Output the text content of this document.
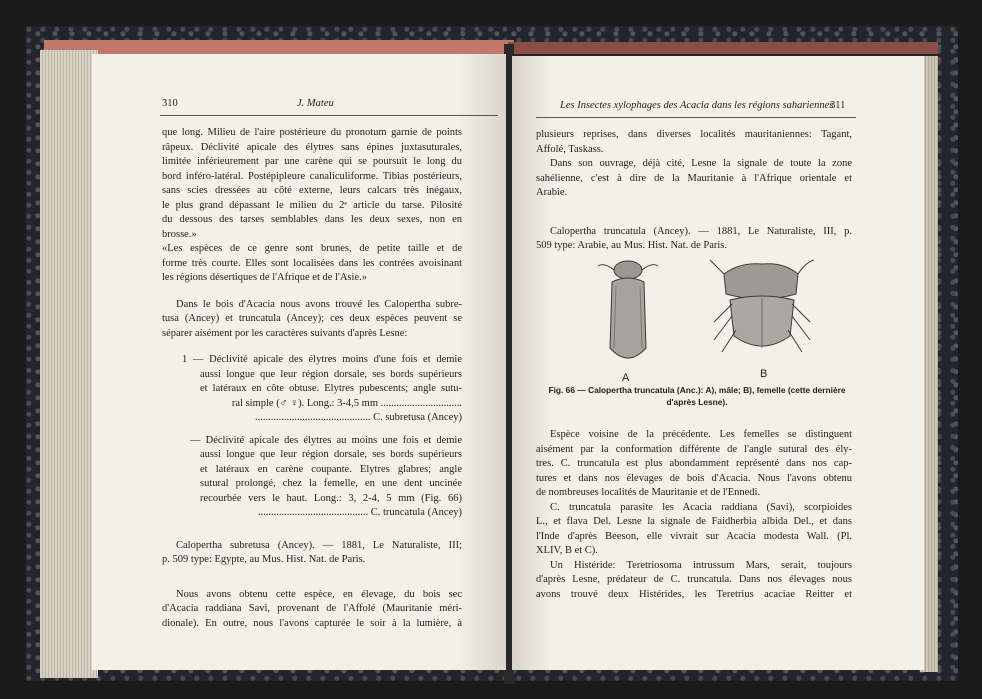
310	J. Mateu
que long. Milieu de l'aire postérieure du pronotum garnie de points
râpeux. Déclivité apicale des élytres sans épines juxtasuturales,
limitée inférieurement par une carène qui se poursuit le long du
bord inféro-latéral. Postépipleure canaliculiforme. Tibias postérieurs,
sans scies dressées au côté externe, leurs calcars très inégaux,
le plus grand dépassant le milieu du 2ᵉ article du tarse. Pilosité
du dessous des tarses semblables dans les deux sexes, non en
brosse.»
«Les espèces de ce genre sont brunes, de petite taille et de
forme très courte. Elles sont localisées dans les contrées avoisinant
les régions désertiques de l'Afrique et de l'Asie.»
Dans le bois d'Acacia nous avons trouvé les Calopertha subre-
tusa (Ancey) et truncatula (Ancey); ces deux espèces peuvent se
séparer aisément por les caractères suivants d'après Lesne:
1 — Déclivité apicale des élytres moins d'une fois et demie
aussi longue que leur région dorsale, ses bords supérieurs
et latéraux en côte obtuse. Elytres pubescents; angle sutu-
ral simple (♂ ♀). Long.: 3-4,5 mm ...............................
............................................ C. subretusa (Ancey)
— Déclivité apicale des élytres au moins une fois et demie
aussi longue que leur région dorsale, ses bords supérieurs
et latéraux en carène coupante. Elytres glabres; angle
sutural prolongé, chez la femelle, en une dent uncinée
recourbée vers le haut. Long.: 3, 2-4, 5 mm (Fig. 66)
.......................................... C. truncatula (Ancey)
Calopertha subretusa (Ancey). — 1881, Le Naturaliste, III;
p. 509 type: Egypte, au Mus. Hist. Nat. de Paris.
Nous avons obtenu cette espèce, en élevage, du bois sec
d'Acacia raddiana Savi, provenant de l'Affolé (Mauritanie méri-
dionale). En outre, nous l'avons capturée le soir à la lumière, à
Les Insectes xylophages des Acacia dans les régions sahariennes
311
plusieurs reprises, dans diverses localités mauritaniennes: Tagant,
Affolé, Taskass.
Dans son ouvrage, déjà cité, Lesne la signale de toute la zone
sahélienne, c'est à dire de la Mauritanie à l'Afrique orientale et
Arabie.
Calopertha truncatula (Ancey). — 1881, Le Naturaliste, III, p.
509 type: Arabie, au Mus. Hist. Nat. de Paris.
A	B
Fig. 66 — Calopertha truncatula (Anc.): A), mâle; B), femelle (cette dernière
d'après Lesne).
Espèce voisine de la précédente. Les femelles se distinguent
aisément par la conformation différente de l'angle sutural des ély-
tres. C. truncatula est plus abondamment représenté dans nos cap-
tures et dans nos élevages de bois d'Acacia. Nous l'avons obtenu
de nombreuses localités de Mauritanie et de l'Ennedi.
C. truncatula parasite les Acacia raddiana (Savi), scorpioides
L., et flava Del. Lesne la signale de Faidherbia albida Del., et dans
l'Inde d'après Beeson, elle vivrait sur Acacia modesta Wall. (Pl.
XLIV, B et C).
Un Histéride: Teretriosoma intrussum Mars, serait, toujours
d'après Lesne, prédateur de C. truncatula. Dans nos élevages nous
avons trouvé deux Histérides, les Teretrius acaciae Reitter et
